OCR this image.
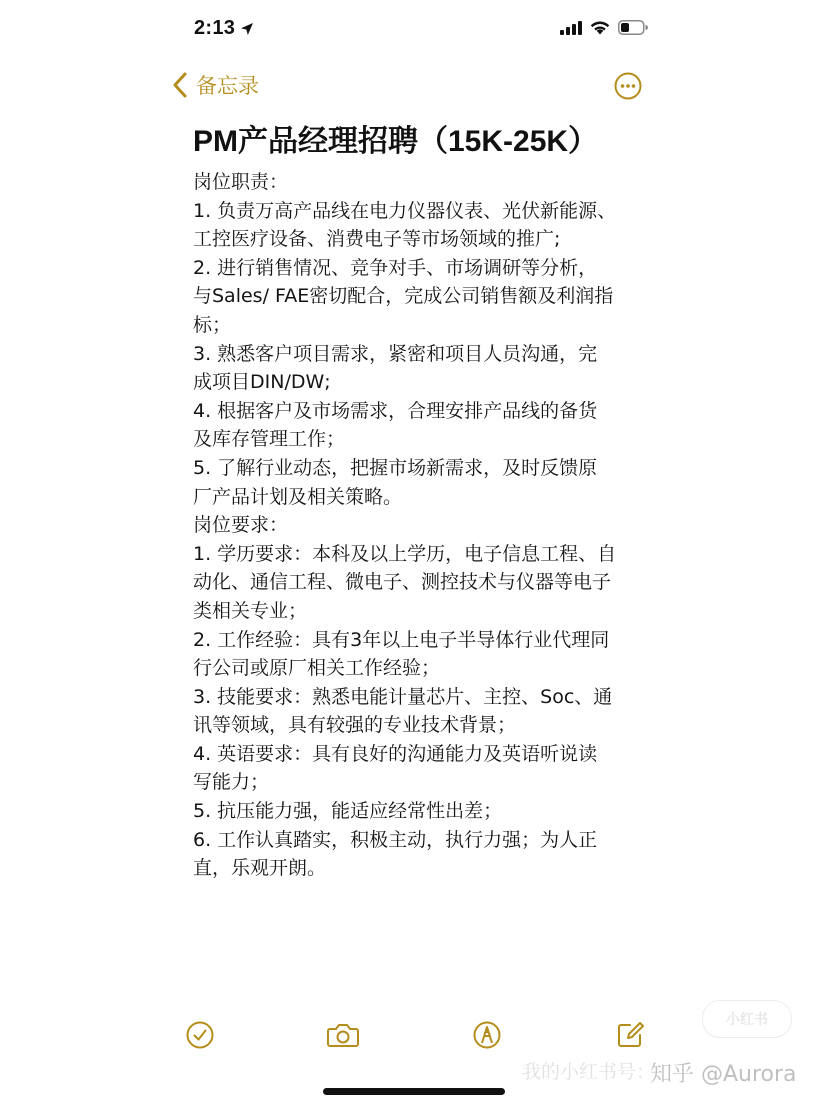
2:13
备忘录
PM产品经理招聘（15K-25K）
岗位职责：
1. 负责万高产品线在电力仪器仪表、光伏新能源、
工控医疗设备、消费电子等市场领域的推广;
2. 进行销售情况、竞争对手、市场调研等分析，
与Sales/ FAE密切配合，完成公司销售额及利润指
标；
3. 熟悉客户项目需求，紧密和项目人员沟通，完
成项目DIN/DW;
4. 根据客户及市场需求，合理安排产品线的备货
及库存管理工作；
5. 了解行业动态，把握市场新需求，及时反馈原
厂产品计划及相关策略。
岗位要求：
1. 学历要求：本科及以上学历，电子信息工程、自
动化、通信工程、微电子、测控技术与仪器等电子
类相关专业；
2. 工作经验：具有3年以上电子半导体行业代理同
行公司或原厂相关工作经验；
3. 技能要求：熟悉电能计量芯片、主控、Soc、通
讯等领域，具有较强的专业技术背景；
4. 英语要求：具有良好的沟通能力及英语听说读
写能力；
5. 抗压能力强，能适应经常性出差；
6. 工作认真踏实，积极主动，执行力强；为人正
直，乐观开朗。
小红书
我的小红书号：
知乎 @Aurora
